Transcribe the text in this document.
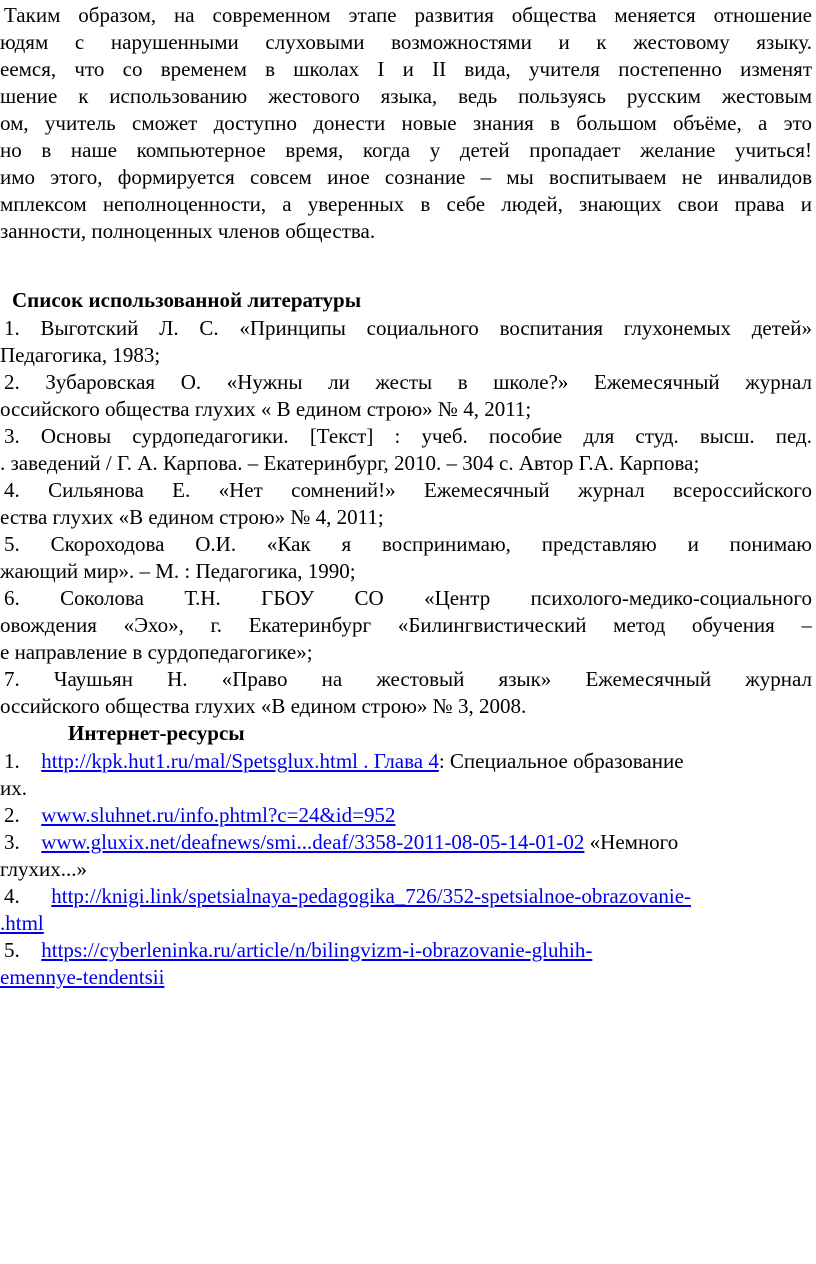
Таким образом, на современном этапе развития общества меняется отношение
юдям с нарушенными слуховыми возможностями и к жестовому языку.
еемся, что со временем в школах I и II вида, учителя постепенно изменят
шение к использованию жестового языка, ведь пользуясь русским жестовым
ом, учитель сможет доступно донести новые знания в большом объёме, а это
но в наше компьютерное время, когда у детей пропадает желание учиться!
имо этого, формируется совсем иное сознание – мы воспитываем не инвалидов
мплексом неполноценности, а уверенных в себе людей, знающих свои права и
занности, полноценных членов общества.
Список использованной литературы
1. Выготский Л. С. «Принципы социального воспитания глухонемых детей»
Педагогика, 1983;
2. Зубаровская О. «Нужны ли жесты в школе?» Ежемесячный журнал
оссийского общества глухих « В едином строю» № 4, 2011;
3. Основы сурдопедагогики. [Текст] : учеб. пособие для студ. высш. пед.
. заведений / Г. А. Карпова. – Екатеринбург, 2010. – 304 с. Автор Г.А. Карпова;
4. Сильянова Е. «Нет сомнений!» Ежемесячный журнал всероссийского
ества глухих «В едином строю» № 4, 2011;
5. Скороходова О.И. «Как я воспринимаю, представляю и понимаю
жающий мир». – М. : Педагогика, 1990;
6. Соколова Т.Н. ГБОУ СО «Центр психолого-медико-социального
овождения «Эхо», г. Екатеринбург «Билингвистический метод обучения –
е направление в сурдопедагогике»;
7. Чаушьян Н. «Право на жестовый язык» Ежемесячный журнал
оссийского общества глухих «В едином строю» № 3, 2008.
Интернет-ресурсы
1. http://kpk.hut1.ru/mal/Spetsglux.html . Глава 4: Специальное образование
их.
2. www.sluhnet.ru/info.phtml?c=24&id=952
3. www.gluxix.net/deafnews/smi...deaf/3358-2011-08-05-14-01-02 «Немного
глухих...»
4. http://knigi.link/spetsialnaya-pedagogika_726/352-spetsialnoe-obrazovanie-
.html
5. https://cyberleninka.ru/article/n/bilingvizm-i-obrazovanie-gluhih-
emennye-tendentsii
